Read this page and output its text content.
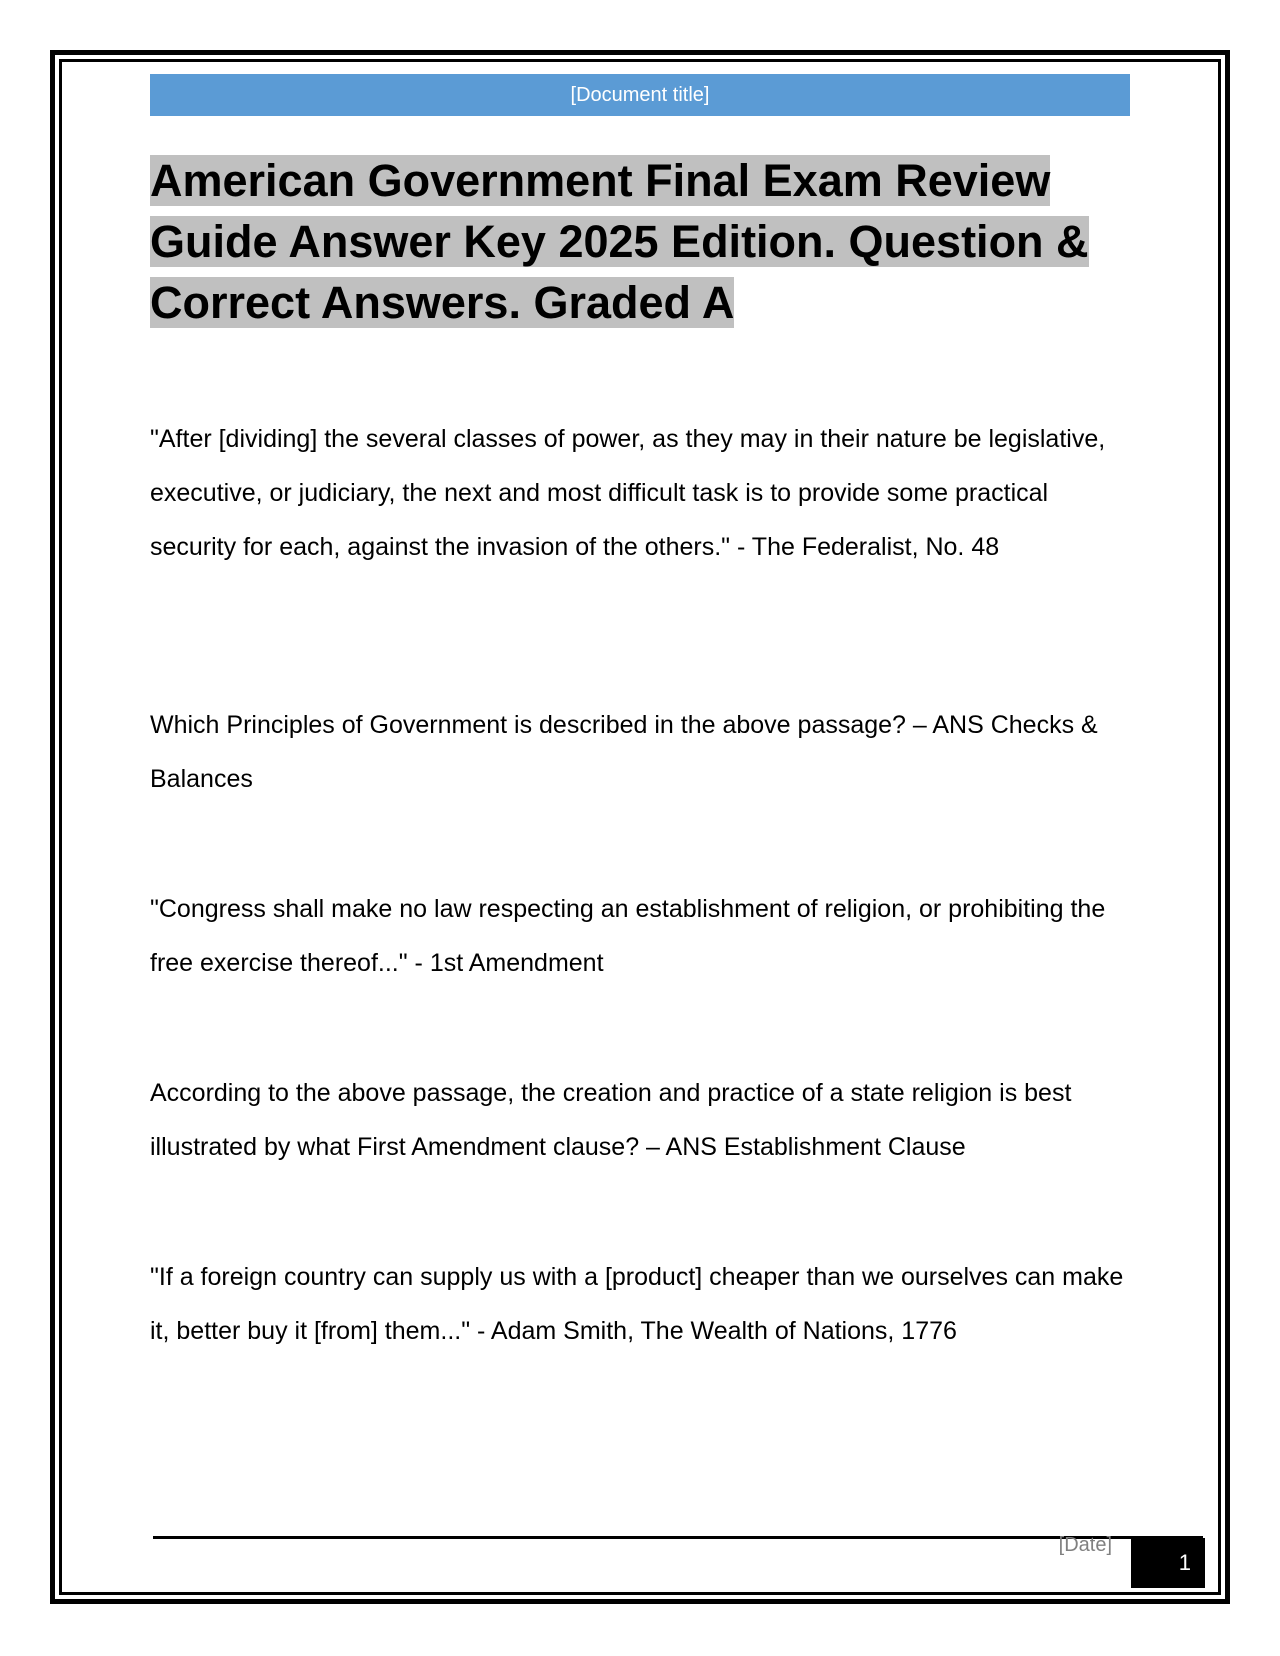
[Document title]
American Government Final Exam Review Guide Answer Key 2025 Edition. Question & Correct Answers. Graded A

"After [dividing] the several classes of power, as they may in their nature be legislative, executive, or judiciary, the next and most difficult task is to provide some practical security for each, against the invasion of the others." - The Federalist, No. 48

Which Principles of Government is described in the above passage? – ANS Checks & Balances

"Congress shall make no law respecting an establishment of religion, or prohibiting the free exercise thereof..." - 1st Amendment

According to the above passage, the creation and practice of a state religion is best illustrated by what First Amendment clause? – ANS Establishment Clause

"If a foreign country can supply us with a [product] cheaper than we ourselves can make it, better buy it [from] them..." - Adam Smith, The Wealth of Nations, 1776

[Date]
1
